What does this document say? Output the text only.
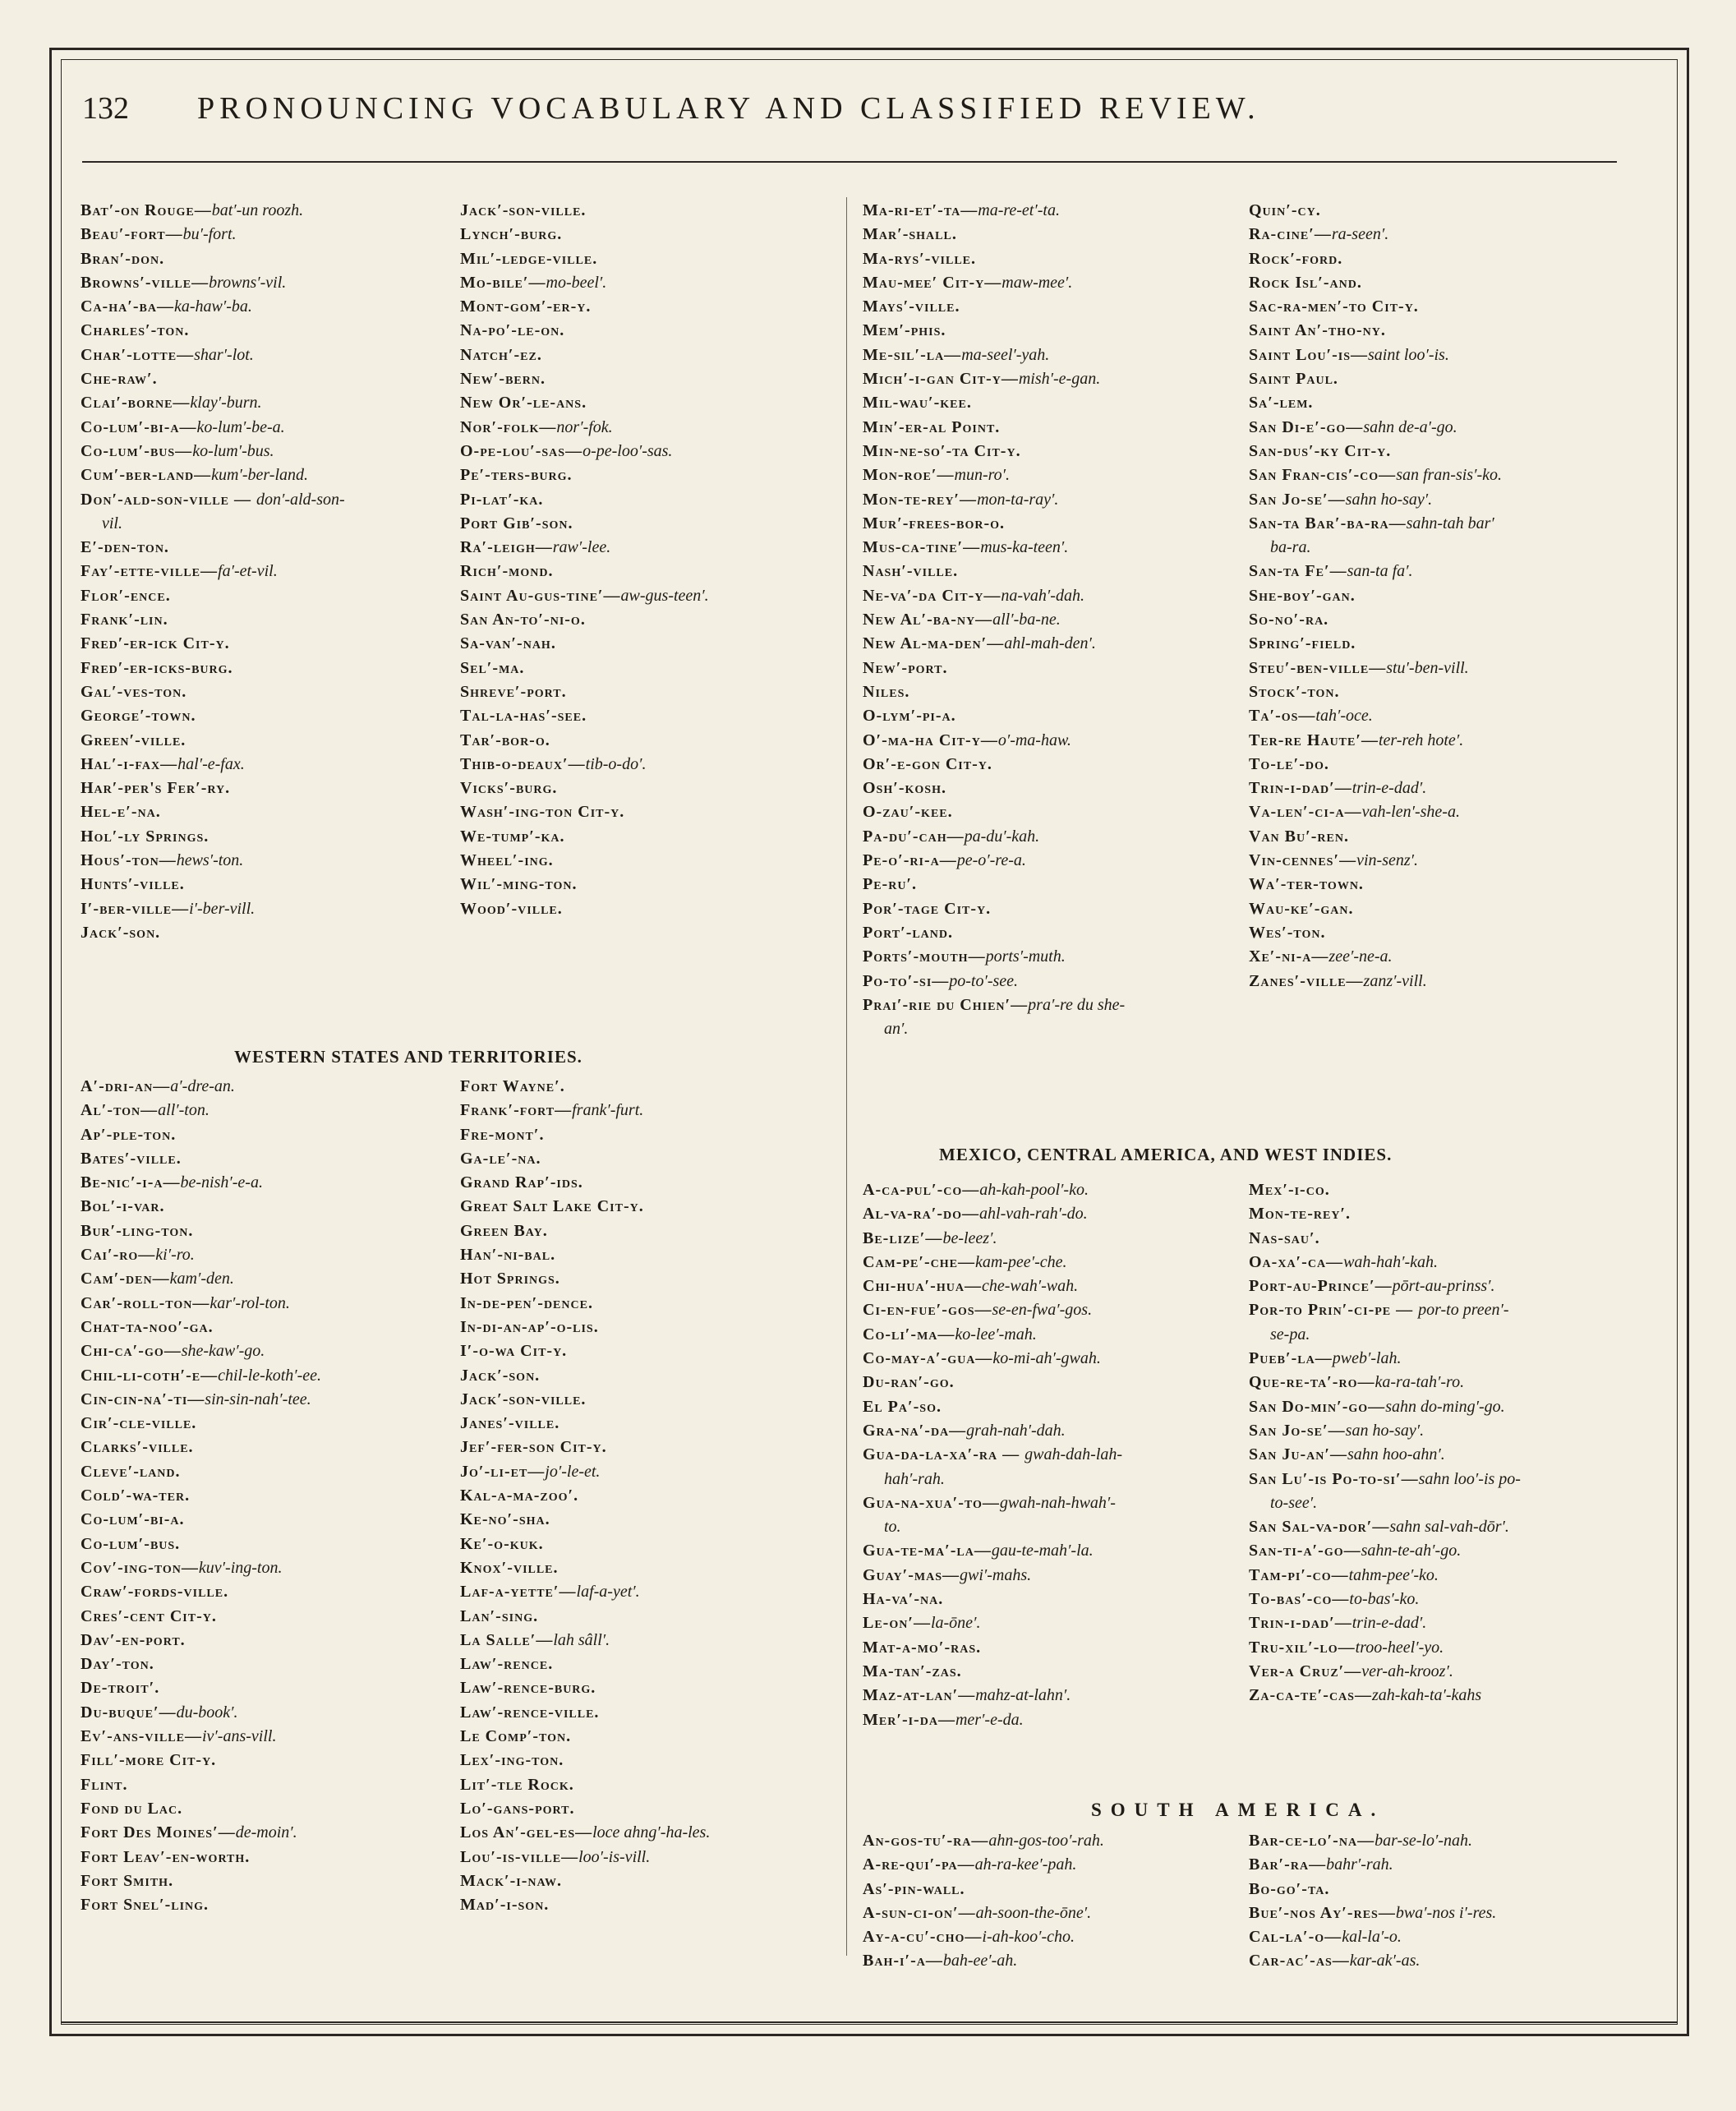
132 PRONOUNCING VOCABULARY AND CLASSIFIED REVIEW.
Bat′-on Rouge—bat′-un roozh.
Beau′-fort—bu′-fort.
Bran′-don.
Browns′-ville—browns′-vil.
Ca-ha′-ba—ka-haw′-ba.
Charles′-ton.
Char′-lotte—shar′-lot.
Che-raw′.
Clai′-borne—klay′-burn.
Co-lum′-bi-a—ko-lum′-be-a.
Co-lum′-bus—ko-lum′-bus.
Cum′-ber-land—kum′-ber-land.
Don′-ald-son-ville — don′-ald-son-
vil.
E′-den-ton.
Fay′-ette-ville—fa′-et-vil.
Flor′-ence.
Frank′-lin.
Fred′-er-ick Cit-y.
Fred′-er-icks-burg.
Gal′-ves-ton.
George′-town.
Green′-ville.
Hal′-i-fax—hal′-e-fax.
Har′-per's Fer′-ry.
Hel-e′-na.
Hol′-ly Springs.
Hous′-ton—hews′-ton.
Hunts′-ville.
I′-ber-ville—i′-ber-vill.
Jack′-son.
Jack′-son-ville.
Lynch′-burg.
Mil′-ledge-ville.
Mo-bile′—mo-beel′.
Mont-gom′-er-y.
Na-po′-le-on.
Natch′-ez.
New′-bern.
New Or′-le-ans.
Nor′-folk—nor′-fok.
O-pe-lou′-sas—o-pe-loo′-sas.
Pe′-ters-burg.
Pi-lat′-ka.
Port Gib′-son.
Ra′-leigh—raw′-lee.
Rich′-mond.
Saint Au-gus-tine′—aw-gus-teen′.
San An-to′-ni-o.
Sa-van′-nah.
Sel′-ma.
Shreve′-port.
Tal-la-has′-see.
Tar′-bor-o.
Thib-o-deaux′—tib-o-do′.
Vicks′-burg.
Wash′-ing-ton Cit-y.
We-tump′-ka.
Wheel′-ing.
Wil′-ming-ton.
Wood′-ville.
WESTERN STATES AND TERRITORIES.
A′-dri-an—a′-dre-an.
Al′-ton—all′-ton.
Ap′-ple-ton.
Bates′-ville.
Be-nic′-i-a—be-nish′-e-a.
Bol′-i-var.
Bur′-ling-ton.
Cai′-ro—ki′-ro.
Cam′-den—kam′-den.
Car′-roll-ton—kar′-rol-ton.
Chat-ta-noo′-ga.
Chi-ca′-go—she-kaw′-go.
Chil-li-coth′-e—chil-le-koth′-ee.
Cin-cin-na′-ti—sin-sin-nah′-tee.
Cir′-cle-ville.
Clarks′-ville.
Cleve′-land.
Cold′-wa-ter.
Co-lum′-bi-a.
Co-lum′-bus.
Cov′-ing-ton—kuv′-ing-ton.
Craw′-fords-ville.
Cres′-cent Cit-y.
Dav′-en-port.
Day′-ton.
De-troit′.
Du-buque′—du-book′.
Ev′-ans-ville—iv′-ans-vill.
Fill′-more Cit-y.
Flint.
Fond du Lac.
Fort Des Moines′—de-moin′.
Fort Leav′-en-worth.
Fort Smith.
Fort Snel′-ling.
Fort Wayne′.
Frank′-fort—frank′-furt.
Fre-mont′.
Ga-le′-na.
Grand Rap′-ids.
Great Salt Lake Cit-y.
Green Bay.
Han′-ni-bal.
Hot Springs.
In-de-pen′-dence.
In-di-an-ap′-o-lis.
I′-o-wa Cit-y.
Jack′-son.
Jack′-son-ville.
Janes′-ville.
Jef′-fer-son Cit-y.
Jo′-li-et—jo′-le-et.
Kal-a-ma-zoo′.
Ke-no′-sha.
Ke′-o-kuk.
Knox′-ville.
Laf-a-yette′—laf-a-yet′.
Lan′-sing.
La Salle′—lah sâll′.
Law′-rence.
Law′-rence-burg.
Law′-rence-ville.
Le Comp′-ton.
Lex′-ing-ton.
Lit′-tle Rock.
Lo′-gans-port.
Los An′-gel-es—loce ahng′-ha-les.
Lou′-is-ville—loo′-is-vill.
Mack′-i-naw.
Mad′-i-son.
Ma-ri-et′-ta—ma-re-et′-ta.
Mar′-shall.
Ma-rys′-ville.
Mau-mee′ Cit-y—maw-mee′.
Mays′-ville.
Mem′-phis.
Me-sil′-la—ma-seel′-yah.
Mich′-i-gan Cit-y—mish′-e-gan.
Mil-wau′-kee.
Min′-er-al Point.
Min-ne-so′-ta Cit-y.
Mon-roe′—mun-ro′.
Mon-te-rey′—mon-ta-ray′.
Mur′-frees-bor-o.
Mus-ca-tine′—mus-ka-teen′.
Nash′-ville.
Ne-va′-da Cit-y—na-vah′-dah.
New Al′-ba-ny—all′-ba-ne.
New Al-ma-den′—ahl-mah-den′.
New′-port.
Niles.
O-lym′-pi-a.
O′-ma-ha Cit-y—o′-ma-haw.
Or′-e-gon Cit-y.
Osh′-kosh.
O-zau′-kee.
Pa-du′-cah—pa-du′-kah.
Pe-o′-ri-a—pe-o′-re-a.
Pe-ru′.
Por′-tage Cit-y.
Port′-land.
Ports′-mouth—ports′-muth.
Po-to′-si—po-to′-see.
Prai′-rie du Chien′—pra′-re du she-
an′.
Quin′-cy.
Ra-cine′—ra-seen′.
Rock′-ford.
Rock Isl′-and.
Sac-ra-men′-to Cit-y.
Saint An′-tho-ny.
Saint Lou′-is—saint loo′-is.
Saint Paul.
Sa′-lem.
San Di-e′-go—sahn de-a′-go.
San-dus′-ky Cit-y.
San Fran-cis′-co—san fran-sis′-ko.
San Jo-se′—sahn ho-say′.
San-ta Bar′-ba-ra—sahn-tah bar′
ba-ra.
San-ta Fe′—san-ta fa′.
She-boy′-gan.
So-no′-ra.
Spring′-field.
Steu′-ben-ville—stu′-ben-vill.
Stock′-ton.
Ta′-os—tah′-oce.
Ter-re Haute′—ter-reh hote′.
To-le′-do.
Trin-i-dad′—trin-e-dad′.
Va-len′-ci-a—vah-len′-she-a.
Van Bu′-ren.
Vin-cennes′—vin-senz′.
Wa′-ter-town.
Wau-ke′-gan.
Wes′-ton.
Xe′-ni-a—zee′-ne-a.
Zanes′-ville—zanz′-vill.
MEXICO, CENTRAL AMERICA, AND WEST INDIES.
A-ca-pul′-co—ah-kah-pool′-ko.
Al-va-ra′-do—ahl-vah-rah′-do.
Be-lize′—be-leez′.
Cam-pe′-che—kam-pee′-che.
Chi-hua′-hua—che-wah′-wah.
Ci-en-fue′-gos—se-en-fwa′-gos.
Co-li′-ma—ko-lee′-mah.
Co-may-a′-gua—ko-mi-ah′-gwah.
Du-ran′-go.
El Pa′-so.
Gra-na′-da—grah-nah′-dah.
Gua-da-la-xa′-ra — gwah-dah-lah-
hah′-rah.
Gua-na-xua′-to—gwah-nah-hwah′-
to.
Gua-te-ma′-la—gau-te-mah′-la.
Guay′-mas—gwi′-mahs.
Ha-va′-na.
Le-on′—la-ōne′.
Mat-a-mo′-ras.
Ma-tan′-zas.
Maz-at-lan′—mahz-at-lahn′.
Mer′-i-da—mer′-e-da.
Mex′-i-co.
Mon-te-rey′.
Nas-sau′.
Oa-xa′-ca—wah-hah′-kah.
Port-au-Prince′—pōrt-au-prinss′.
Por-to Prin′-ci-pe — por-to preen′-
se-pa.
Pueb′-la—pweb′-lah.
Que-re-ta′-ro—ka-ra-tah′-ro.
San Do-min′-go—sahn do-ming′-go.
San Jo-se′—san ho-say′.
San Ju-an′—sahn hoo-ahn′.
San Lu′-is Po-to-si′—sahn loo′-is po-
to-see′.
San Sal-va-dor′—sahn sal-vah-dōr′.
San-ti-a′-go—sahn-te-ah′-go.
Tam-pi′-co—tahm-pee′-ko.
To-bas′-co—to-bas′-ko.
Trin-i-dad′—trin-e-dad′.
Tru-xil′-lo—troo-heel′-yo.
Ver-a Cruz′—ver-ah-krooz′.
Za-ca-te′-cas—zah-kah-ta′-kahs
SOUTH AMERICA.
An-gos-tu′-ra—ahn-gos-too′-rah.
A-re-qui′-pa—ah-ra-kee′-pah.
As′-pin-wall.
A-sun-ci-on′—ah-soon-the-ōne′.
Ay-a-cu′-cho—i-ah-koo′-cho.
Bah-i′-a—bah-ee′-ah.
Bar-ce-lo′-na—bar-se-lo′-nah.
Bar′-ra—bahr′-rah.
Bo-go′-ta.
Bue′-nos Ay′-res—bwa′-nos i′-res.
Cal-la′-o—kal-la′-o.
Car-ac′-as—kar-ak′-as.
